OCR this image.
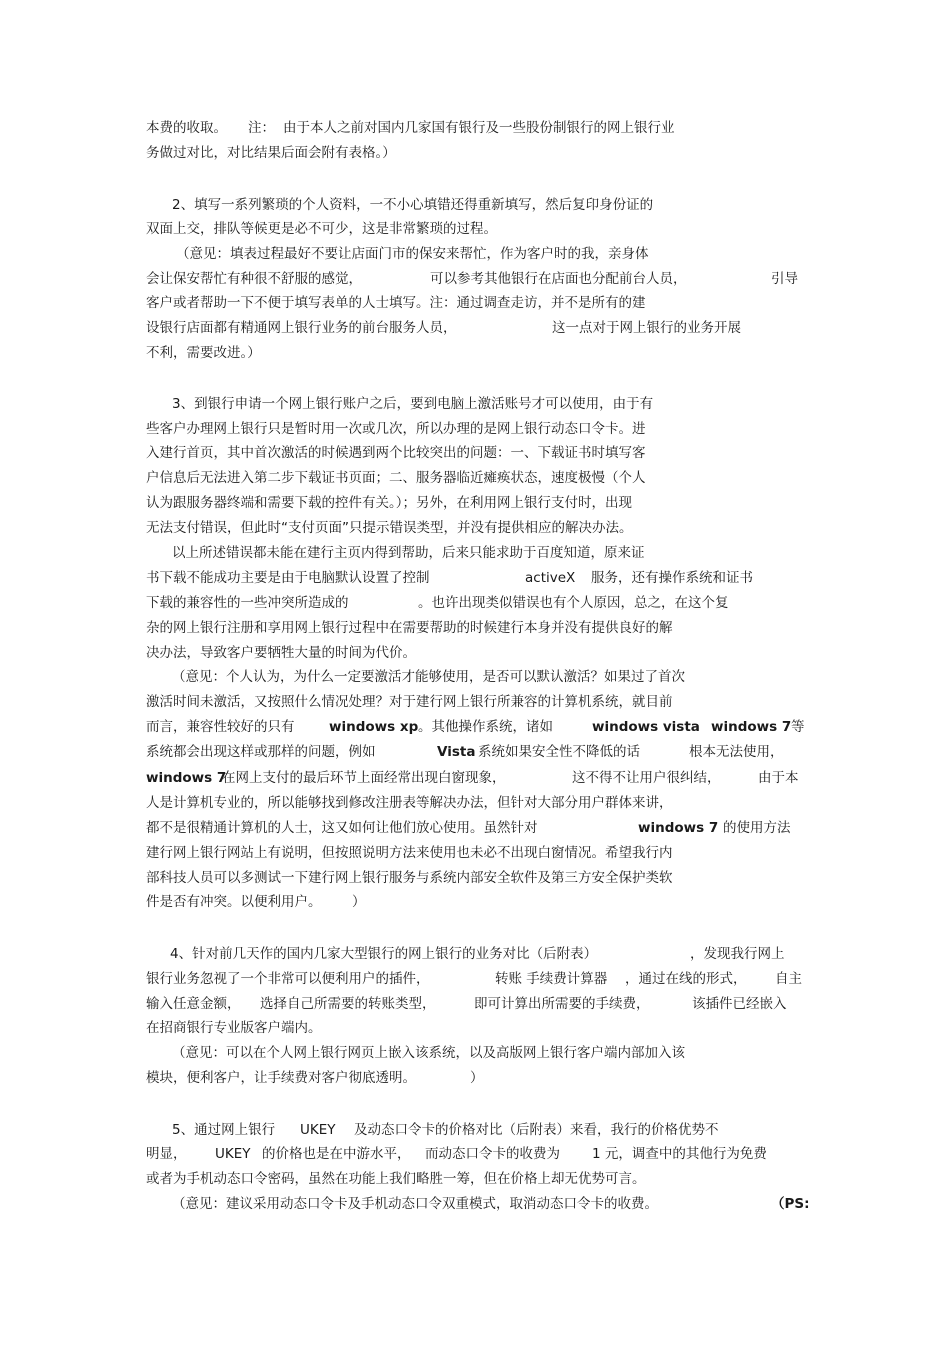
本费的收取。 注： 由于本人之前对国内几家国有银行及一些股份制银行的网上银行业
务做过对比，对比结果后面会附有表格。）
2、填写一系列繁琐的个人资料，一不小心填错还得重新填写，然后复印身份证的
双面上交，排队等候更是必不可少，这是非常繁琐的过程。
（意见：填表过程最好不要让店面门市的保安来帮忙，作为客户时的我，亲身体
会让保安帮忙有种很不舒服的感觉，	可以参考其他银行在店面也分配前台人员，	引导
客户或者帮助一下不便于填写表单的人士填写。注：通过调查走访，并不是所有的建
设银行店面都有精通网上银行业务的前台服务人员，	这一点对于网上银行的业务开展
不利，需要改进。）
3、到银行申请一个网上银行账户之后，要到电脑上激活账号才可以使用，由于有
些客户办理网上银行只是暂时用一次或几次，所以办理的是网上银行动态口令卡。进
入建行首页，其中首次激活的时候遇到两个比较突出的问题：一、下载证书时填写客
户信息后无法进入第二步下载证书页面；二、服务器临近瘫痪状态，速度极慢（个人
认为跟服务器终端和需要下载的控件有关。）；另外，在利用网上银行支付时，出现
无法支付错误，但此时“支付页面”只提示错误类型，并没有提供相应的解决办法。
以上所述错误都未能在建行主页内得到帮助，后来只能求助于百度知道，原来证
书下载不能成功主要是由于电脑默认设置了控制	activeX 服务，还有操作系统和证书
下载的兼容性的一些冲突所造成的	。也许出现类似错误也有个人原因，总之，在这个复
杂的网上银行注册和享用网上银行过程中在需要帮助的时候建行本身并没有提供良好的解
决办法，导致客户要牺牲大量的时间为代价。
（意见：个人认为，为什么一定要激活才能够使用，是否可以默认激活？如果过了首次
激活时间未激活，又按照什么情况处理？对于建行网上银行所兼容的计算机系统，就目前
而言，兼容性较好的只有	windows xp 。其他操作系统，诸如	windows vista windows 7 等
系统都会出现这样或那样的问题，例如	Vista 系统如果安全性不降低的话	根本无法使用，
windows 7
在网上支付的最后环节上面经常出现白窗现象，	这不得不让用户很纠结，	由于本
人是计算机专业的，所以能够找到修改注册表等解决办法，但针对大部分用户群体来讲，
都不是很精通计算机的人士，这又如何让他们放心使用。虽然针对	windows 7 的使用方法
建行网上银行网站上有说明，但按照说明方法来使用也未必不出现白窗情况。希望我行内
部科技人员可以多测试一下建行网上银行服务与系统内部安全软件及第三方安全保护类软
件是否有冲突。以便利用户。 ）
4、针对前几天作的国内几家大型银行的网上银行的业务对比（后附表）	，发现我行网上
银行业务忽视了一个非常可以便利用户的插件，	转账 手续费计算器 ，通过在线的形式， 自主
输入任意金额， 选择自己所需要的转账类型，	即可计算出所需要的手续费，	该插件已经嵌入
在招商银行专业版客户端内。
（意见：可以在个人网上银行网页上嵌入该系统，以及高版网上银行客户端内部加入该
模块，便利客户，让手续费对客户彻底透明。	）
5、通过网上银行 UKEY 及动态口令卡的价格对比（后附表）来看，我行的价格优势不
明显， UKEY 的价格也是在中游水平， 而动态口令卡的收费为 1 元，调查中的其他行为免费
或者为手机动态口令密码，虽然在功能上我们略胜一筹，但在价格上却无优势可言。
（意见：建议采用动态口令卡及手机动态口令双重模式，取消动态口令卡的收费。	（PS:
